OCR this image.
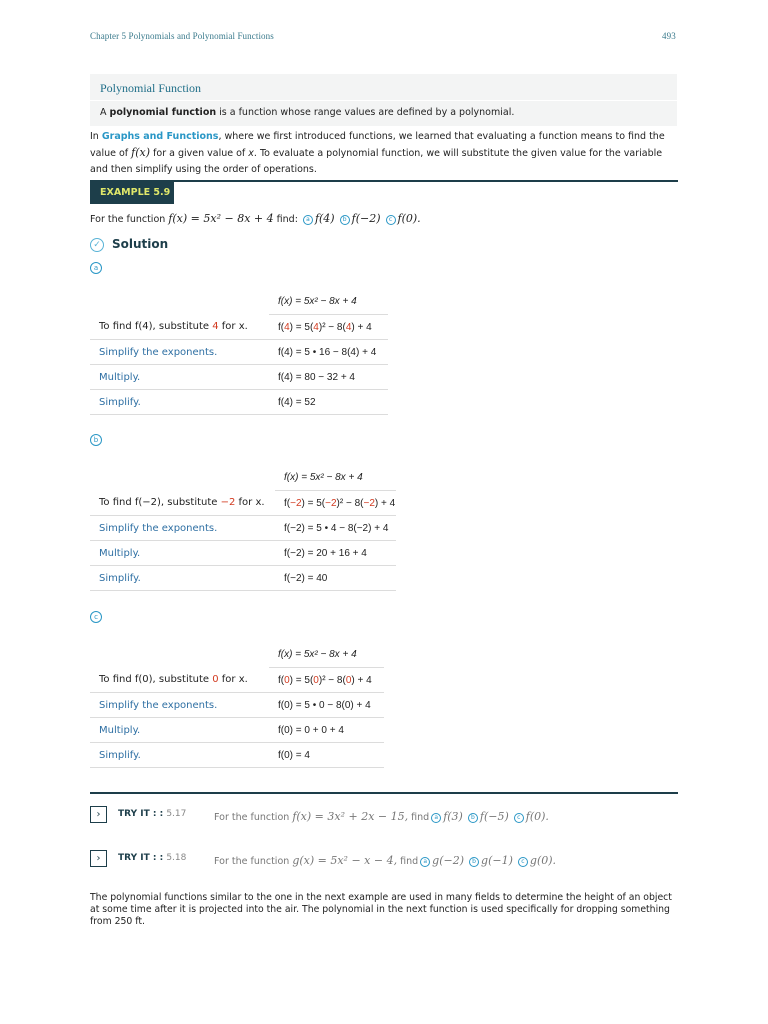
Chapter 5 Polynomials and Polynomial Functions	493
Polynomial Function
A polynomial function is a function whose range values are defined by a polynomial.
In Graphs and Functions, where we first introduced functions, we learned that evaluating a function means to find the value of f(x) for a given value of x. To evaluate a polynomial function, we will substitute the given value for the variable and then simplify using the order of operations.
EXAMPLE 5.9
For the function f(x) = 5x² − 8x + 4 find: a f(4) b f(−2) c f(0).
✓ Solution
a
	f(x) = 5x² − 8x + 4
To find f(4), substitute 4 for x.	f(4) = 5(4)² − 8(4) + 4
Simplify the exponents.	f(4) = 5 • 16 − 8(4) + 4
Multiply.	f(4) = 80 − 32 + 4
Simplify.	f(4) = 52
b
	f(x) = 5x² − 8x + 4
To find f(−2), substitute −2 for x.	f(−2) = 5(−2)² − 8(−2) + 4
Simplify the exponents.	f(−2) = 5 • 4 − 8(−2) + 4
Multiply.	f(−2) = 20 + 16 + 4
Simplify.	f(−2) = 40
c
	f(x) = 5x² − 8x + 4
To find f(0), substitute 0 for x.	f(0) = 5(0)² − 8(0) + 4
Simplify the exponents.	f(0) = 5 • 0 − 8(0) + 4
Multiply.	f(0) = 0 + 0 + 4
Simplify.	f(0) = 4
›	TRY IT : : 5.17	For the function f(x) = 3x² + 2x − 15, find a f(3) b f(−5) c f(0).
›	TRY IT : : 5.18	For the function g(x) = 5x² − x − 4, find a g(−2) b g(−1) c g(0).
The polynomial functions similar to the one in the next example are used in many fields to determine the height of an object at some time after it is projected into the air. The polynomial in the next function is used specifically for dropping something from 250 ft.
